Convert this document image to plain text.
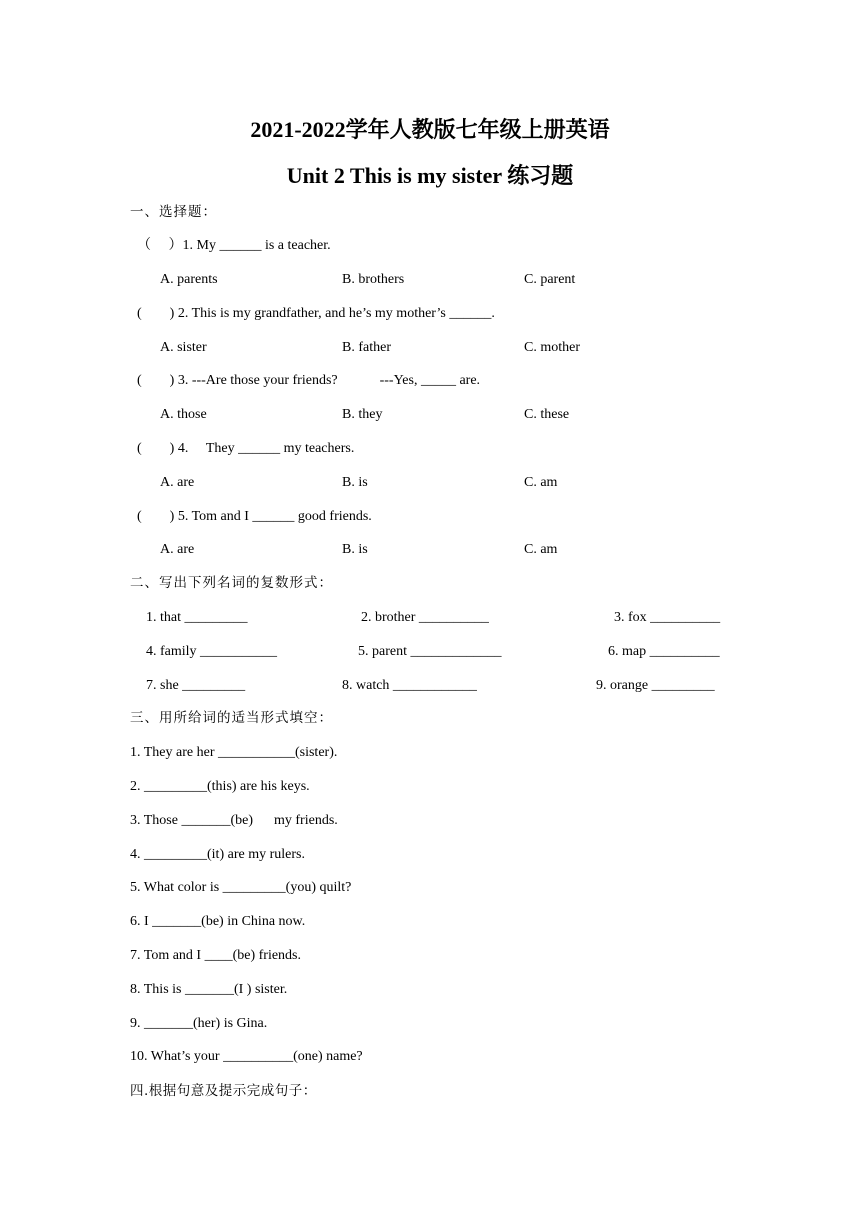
2021-2022学年人教版七年级上册英语
Unit 2 This is my sister 练习题
一、选择题：
（ 　）1. My ______ is a teacher.
A. parents	B. brothers	C. parent
(　　) 2. This is my grandfather, and he’s my mother’s ______.
A. sister	B. father	C. mother
(　　) 3. ---Are those your friends?　　　---Yes, _____ are.
A. those	B. they	C. these
(　　) 4. 　They ______ my teachers.
A. are	B. is	C. am
(　　) 5. Tom and I ______ good friends.
A. are	B. is	C. am
二、写出下列名词的复数形式：
1. that _________	2. brother __________	3. fox __________
4. family ___________	5. parent _____________	6. map __________
7. she _________	8. watch ____________	9. orange _________
三、用所给词的适当形式填空：
1. They are her ___________(sister).
2. _________(this) are his keys.
3. Those _______(be) 　 my friends.
4. _________(it) are my rulers.
5. What color is _________(you) quilt?
6. I _______(be) in China now.
7. Tom and I ____(be) friends.
8. This is _______(I ) sister.
9. _______(her) is Gina.
10. What’s your __________(one) name?
四.根据句意及提示完成句子：
